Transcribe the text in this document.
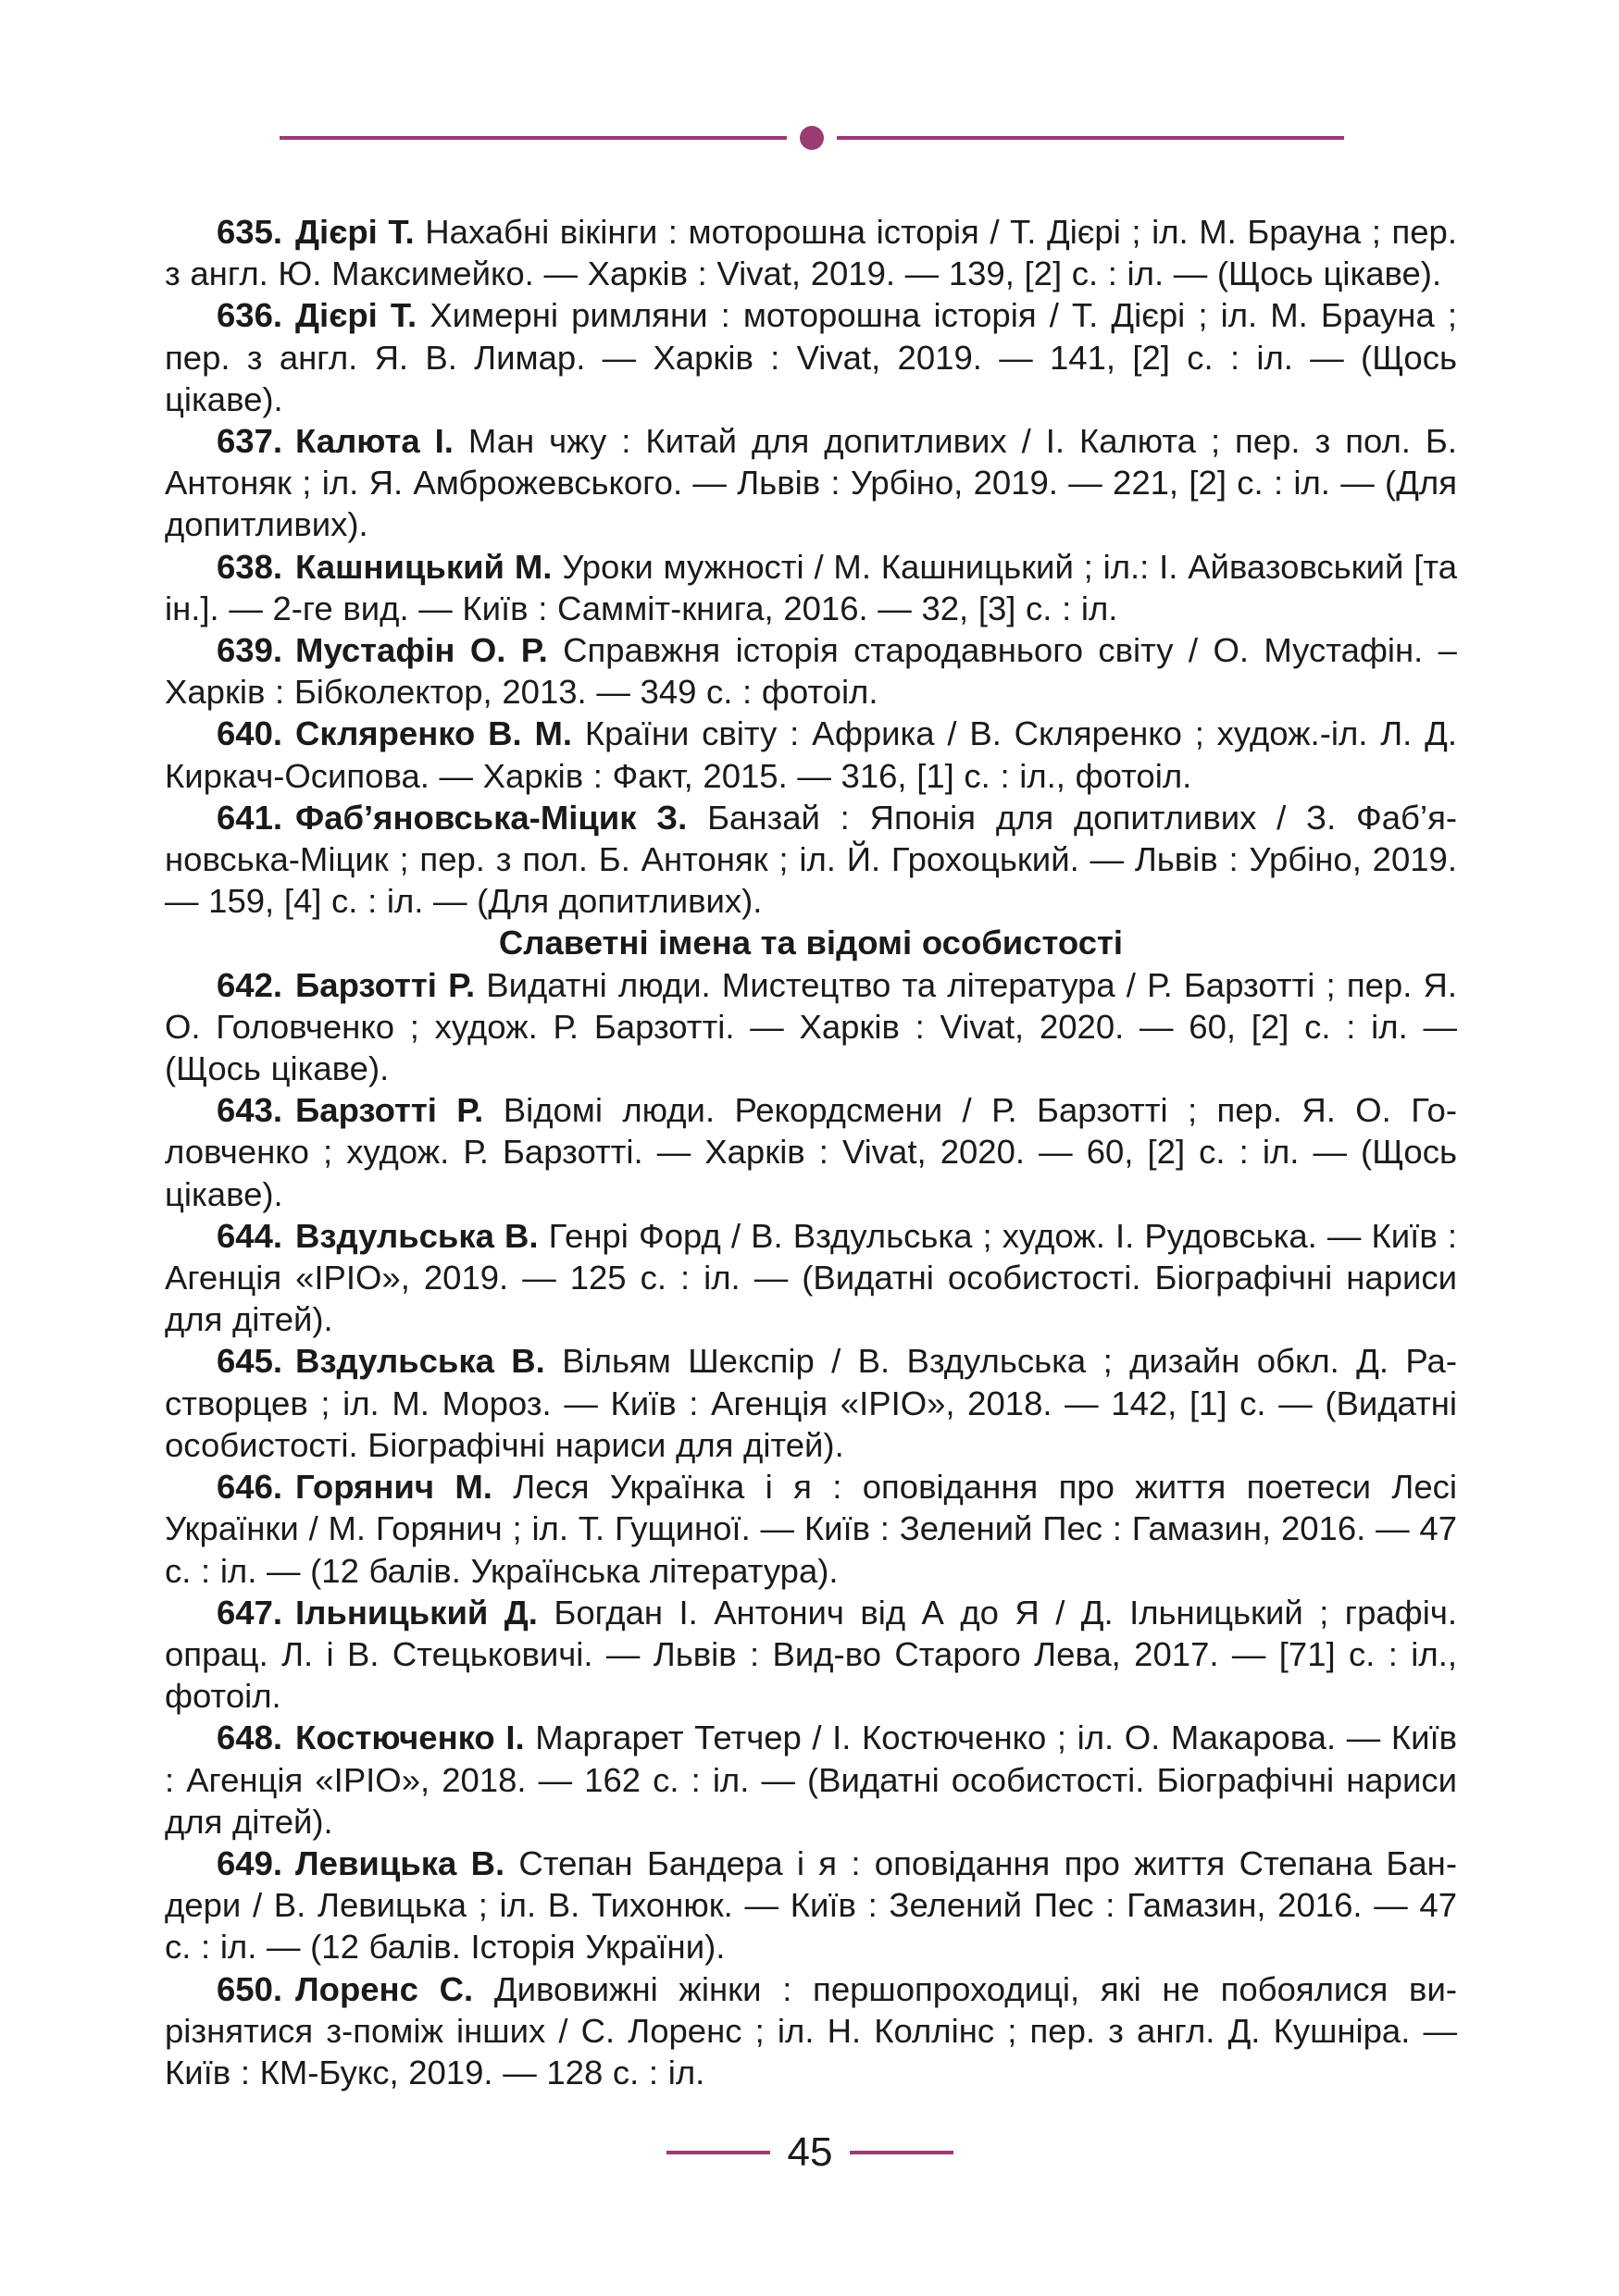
635. Дієрі Т. Нахабні вікінги : моторошна історія / Т. Дієрі ; іл. М. Брауна ; пер. з англ. Ю. Максимейко. — Харків : Vivat, 2019. — 139, [2] с. : іл. — (Щось цікаве).

636. Дієрі Т. Химерні римляни : моторошна історія / Т. Дієрі ; іл. М. Брауна ; пер. з англ. Я. В. Лимар. — Харків : Vivat, 2019. — 141, [2] с. : іл. — (Щось цікаве).

637. Калюта І. Ман чжу : Китай для допитливих / І. Калюта ; пер. з пол. Б. Антоняк ; іл. Я. Амброжевського. — Львів : Урбіно, 2019. — 221, [2] с. : іл. — (Для допитливих).

638. Кашницький М. Уроки мужності / М. Кашницький ; іл.: І. Айвазовський [та ін.]. — 2-ге вид. — Київ : Самміт-книга, 2016. — 32, [3] с. : іл.

639. Мустафін О. Р. Справжня історія стародавнього світу / О. Мустафін. – Харків : Бібколектор, 2013. — 349 с. : фотоіл.

640. Скляренко В. М. Країни світу : Африка / В. Скляренко ; худож.-іл. Л. Д. Киркач-Осипова. — Харків : Факт, 2015. — 316, [1] с. : іл., фотоіл.

641. Фаб’яновська-Міцик З. Банзай : Японія для допитливих / З. Фаб’яновська-Міцик ; пер. з пол. Б. Антоняк ; іл. Й. Грохоцький. — Львів : Урбіно, 2019. — 159, [4] с. : іл. — (Для допитливих).

Славетні імена та відомі особистості

642. Барзотті Р. Видатні люди. Мистецтво та література / Р. Барзотті ; пер. Я. О. Головченко ; худож. Р. Барзотті. — Харків : Vivat, 2020. — 60, [2] с. : іл. — (Щось цікаве).

643. Барзотті Р. Відомі люди. Рекордсмени / Р. Барзотті ; пер. Я. О. Головченко ; худож. Р. Барзотті. — Харків : Vivat, 2020. — 60, [2] с. : іл. — (Щось цікаве).

644. Вздульська В. Генрі Форд / В. Вздульська ; худож. І. Рудовська. — Київ : Агенція «IPIO», 2019. — 125 с. : іл. — (Видатні особистості. Біографічні нариси для дітей).

645. Вздульська В. Вільям Шекспір / В. Вздульська ; дизайн обкл. Д. Растворцев ; іл. М. Мороз. — Київ : Агенція «IPIO», 2018. — 142, [1] с. — (Видатні особистості. Біографічні нариси для дітей).

646. Горянич М. Леся Українка і я : оповідання про життя поетеси Лесі Українки / М. Горянич ; іл. Т. Гущиної. — Київ : Зелений Пес : Гамазин, 2016. — 47 с. : іл. — (12 балів. Українська література).

647. Ільницький Д. Богдан І. Антонич від А до Я / Д. Ільницький ; графіч. опрац. Л. і В. Стецьковичі. — Львів : Вид-во Старого Лева, 2017. — [71] с. : іл., фотоіл.

648. Костюченко І. Маргарет Тетчер / І. Костюченко ; іл. О. Макарова. — Київ : Агенція «IPIO», 2018. — 162 с. : іл. — (Видатні особистості. Біографічні нариси для дітей).

649. Левицька В. Степан Бандера і я : оповідання про життя Степана Бандери / В. Левицька ; іл. В. Тихонюк. — Київ : Зелений Пес : Гамазин, 2016. — 47 с. : іл. — (12 балів. Історія України).

650. Лоренс С. Дивовижні жінки : першопроходиці, які не побоялися вирізнятися з-поміж інших / С. Лоренс ; іл. Н. Коллінс ; пер. з англ. Д. Кушніра. — Київ : КМ-Букс, 2019. — 128 с. : іл.

45
